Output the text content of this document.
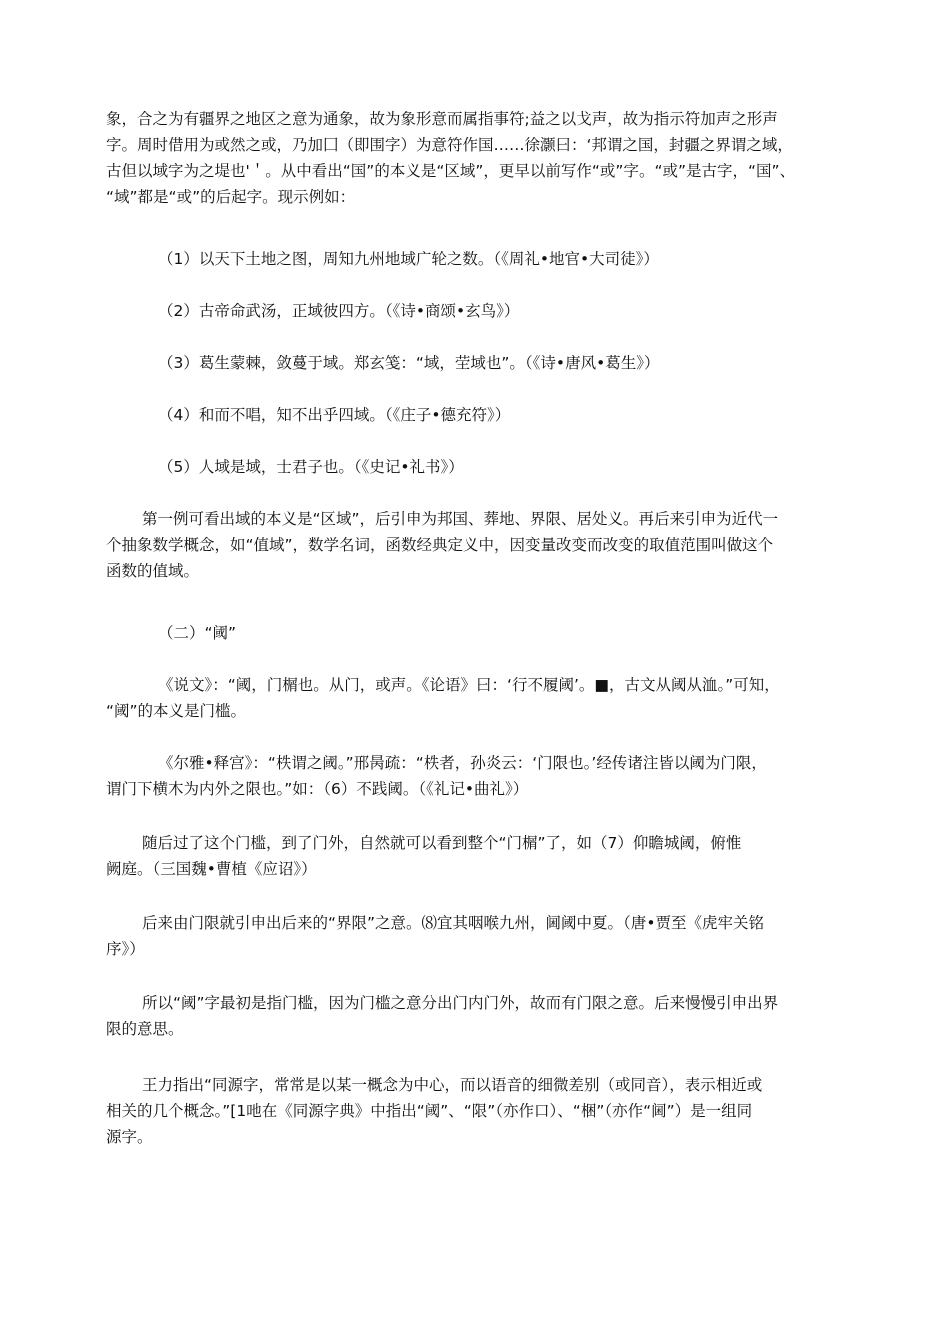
象，合之为有疆界之地区之意为通象，故为象形意而属指事符;益之以戈声，故为指示符加声之形声
字。周时借用为或然之或，乃加囗（即围字）为意符作国……徐灏曰：‘邦谓之国，封疆之界谓之域，
古但以域字为之堤也'＇。从中看出“国”的本义是“区域”，更早以前写作“或”字。“或”是古字，“国”、
“域”都是“或”的后起字。现示例如：
（1）以天下土地之图，周知九州地域广轮之数。（《周礼•地官•大司徒》）
（2）古帝命武汤，正域彼四方。（《诗•商颂•玄鸟》）
（3）葛生蒙棘，敛蔓于域。郑玄笺：“域，茔域也”。（《诗•唐风•葛生》）
（4）和而不唱，知不出乎四域。（《庄子•德充符》）
（5）人域是域，士君子也。（《史记•礼书》）
第一例可看出域的本义是“区域”，后引申为邦国、葬地、界限、居处义。再后来引申为近代一
个抽象数学概念，如“值域”，数学名词，函数经典定义中，因变量改变而改变的取值范围叫做这个
函数的值域。
（二）“阈”
《说文》：“阈，门榍也。从门，或声。《论语》曰：‘行不履阈’。■，古文从阈从洫。”可知，
“阈”的本义是门槛。
《尔雅•释宫》：“柣谓之阈。”邢昺疏：“柣者，孙炎云：‘门限也。’经传诸注皆以阈为门限，
谓门下横木为内外之限也。”如：（6）不践阈。（《礼记•曲礼》）
随后过了这个门槛，到了门外，自然就可以看到整个“门榍”了，如（7）仰瞻城阈，俯惟
阙庭。（三国魏•曹植《应诏》）
后来由门限就引申出后来的“界限”之意。⑻宜其咽喉九州，阃阈中夏。（唐•贾至《虎牢关铭
序》）
所以“阈”字最初是指门槛，因为门槛之意分出门内门外，故而有门限之意。后来慢慢引申出界
限的意思。
王力指出“同源字，常常是以某一概念为中心，而以语音的细微差别（或同音），表示相近或
相关的几个概念。”[1吔在《同源字典》中指出“阈”、“限”（亦作口）、“梱”（亦作“阃”）是一组同
源字。
